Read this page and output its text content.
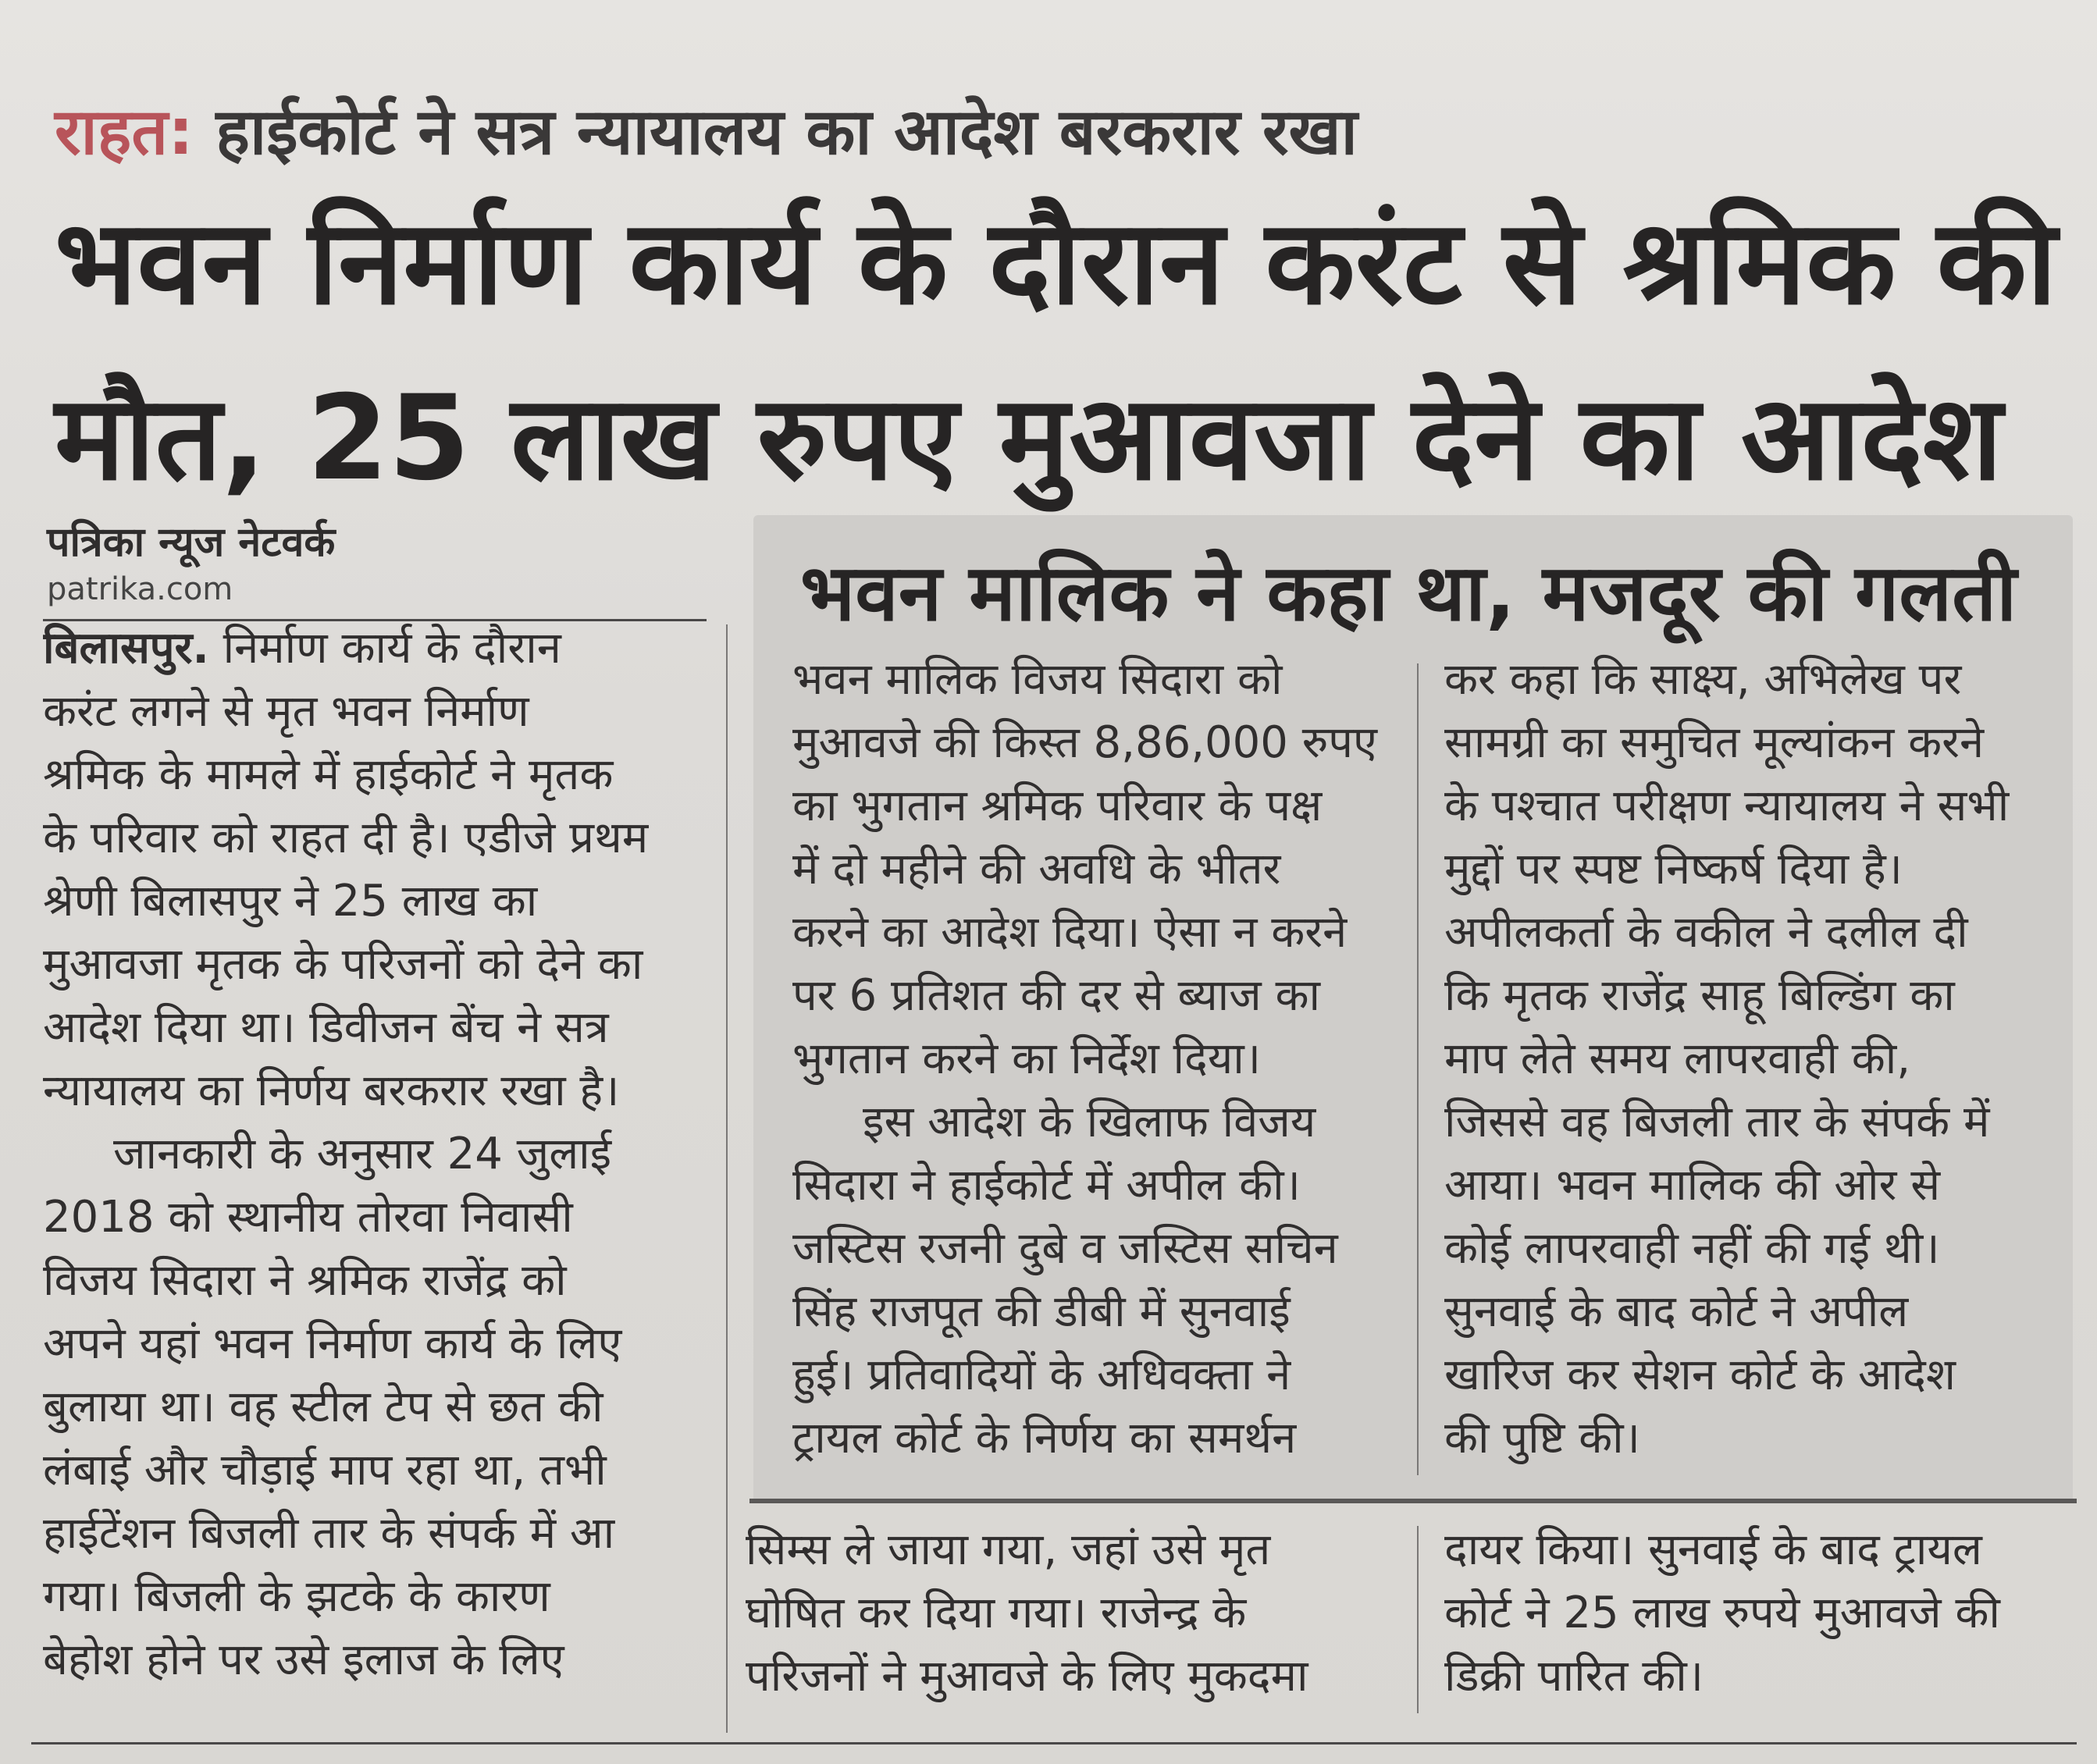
राहत: हाईकोर्ट ने सत्र न्यायालय का आदेश बरकरार रखा
भवन निर्माण कार्य के दौरान करंट से श्रमिक की
मौत, 25 लाख रुपए मुआवजा देने का आदेश
पत्रिका न्यूज नेटवर्क
patrika.com
बिलासपुर. निर्माण कार्य के दौरान
करंट लगने से मृत भवन निर्माण
श्रमिक के मामले में हाईकोर्ट ने मृतक
के परिवार को राहत दी है। एडीजे प्रथम
श्रेणी बिलासपुर ने 25 लाख का
मुआवजा मृतक के परिजनों को देने का
आदेश दिया था। डिवीजन बेंच ने सत्र
न्यायालय का निर्णय बरकरार रखा है।
जानकारी के अनुसार 24 जुलाई
2018 को स्थानीय तोरवा निवासी
विजय सिदारा ने श्रमिक राजेंद्र को
अपने यहां भवन निर्माण कार्य के लिए
बुलाया था। वह स्टील टेप से छत की
लंबाई और चौड़ाई माप रहा था, तभी
हाईटेंशन बिजली तार के संपर्क में आ
गया। बिजली के झटके के कारण
बेहोश होने पर उसे इलाज के लिए
भवन मालिक ने कहा था, मजदूर की गलती
भवन मालिक विजय सिदारा को
मुआवजे की किस्त 8,86,000 रुपए
का भुगतान श्रमिक परिवार के पक्ष
में दो महीने की अवधि के भीतर
करने का आदेश दिया। ऐसा न करने
पर 6 प्रतिशत की दर से ब्याज का
भुगतान करने का निर्देश दिया।
इस आदेश के खिलाफ विजय
सिदारा ने हाईकोर्ट में अपील की।
जस्टिस रजनी दुबे व जस्टिस सचिन
सिंह राजपूत की डीबी में सुनवाई
हुई। प्रतिवादियों के अधिवक्ता ने
ट्रायल कोर्ट के निर्णय का समर्थन
कर कहा कि साक्ष्य, अभिलेख पर
सामग्री का समुचित मूल्यांकन करने
के पश्चात परीक्षण न्यायालय ने सभी
मुद्दों पर स्पष्ट निष्कर्ष दिया है।
अपीलकर्ता के वकील ने दलील दी
कि मृतक राजेंद्र साहू बिल्डिंग का
माप लेते समय लापरवाही की,
जिससे वह बिजली तार के संपर्क में
आया। भवन मालिक की ओर से
कोई लापरवाही नहीं की गई थी।
सुनवाई के बाद कोर्ट ने अपील
खारिज कर सेशन कोर्ट के आदेश
की पुष्टि की।
सिम्स ले जाया गया, जहां उसे मृत
घोषित कर दिया गया। राजेन्द्र के
परिजनों ने मुआवजे के लिए मुकदमा
दायर किया। सुनवाई के बाद ट्रायल
कोर्ट ने 25 लाख रुपये मुआवजे की
डिक्री पारित की।
